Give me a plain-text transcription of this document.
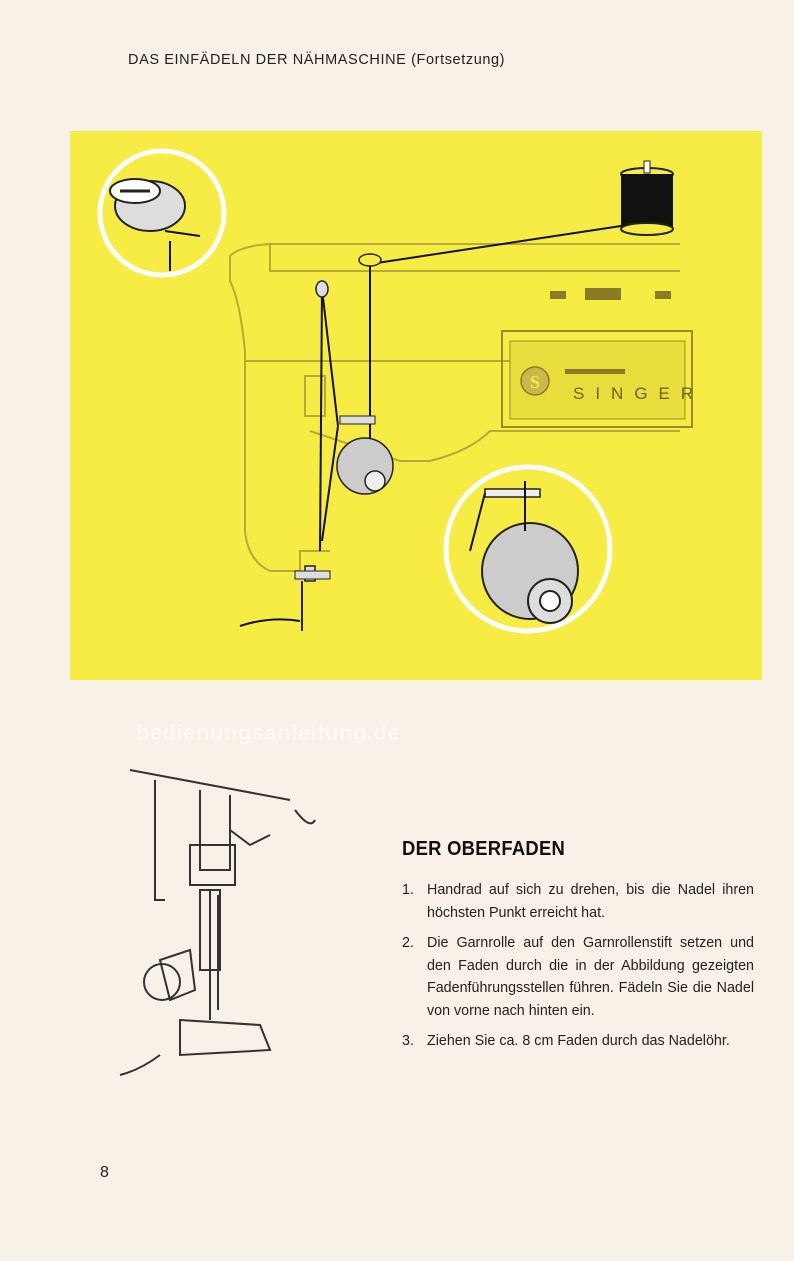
DAS EINFÄDELN DER NÄHMASCHINE (Fortsetzung)
S
SINGER
bedienungsanleitung.de
DER OBERFADEN
1. Handrad auf sich zu drehen, bis die Nadel ihren höchsten Punkt erreicht hat.
2. Die Garnrolle auf den Garnrollenstift setzen und den Faden durch die in der Abbildung gezeigten Fadenführungsstellen führen. Fädeln Sie die Nadel von vorne nach hinten ein.
3. Ziehen Sie ca. 8 cm Faden durch das Nadelöhr.
8
